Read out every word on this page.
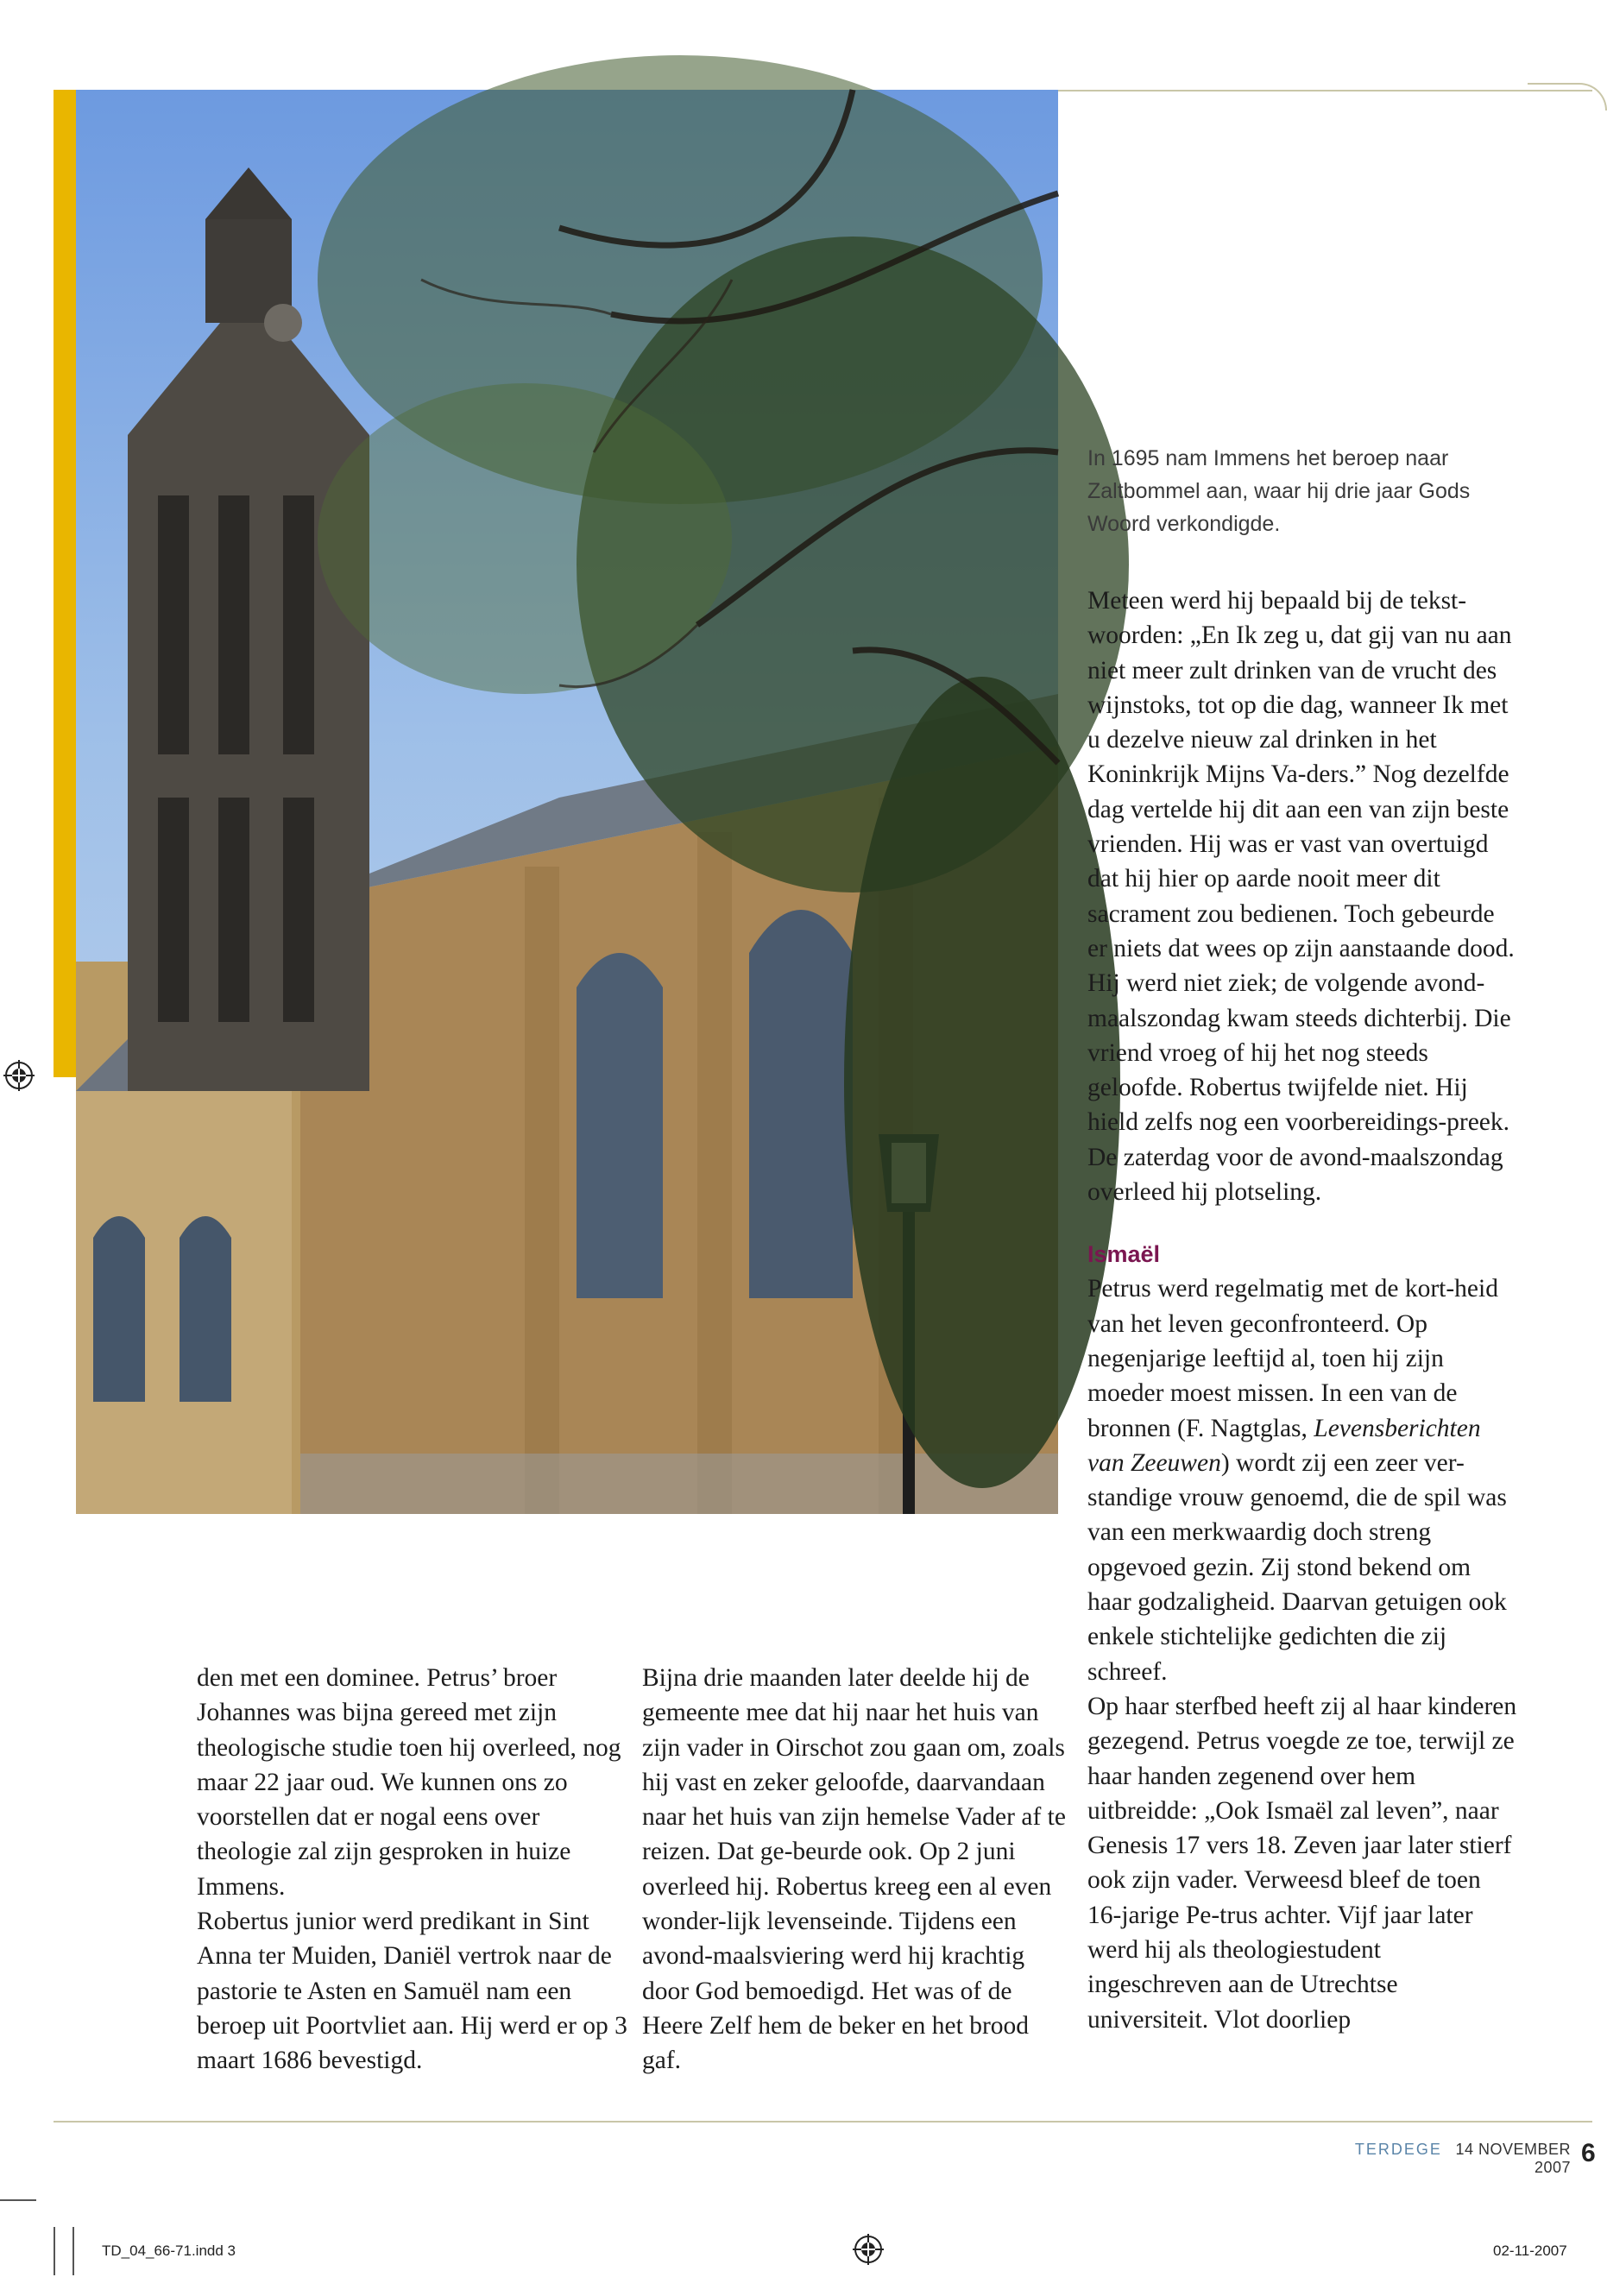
In 1695 nam Immens het beroep naar Zaltbommel aan, waar hij drie jaar Gods Woord verkondigde.

Meteen werd hij bepaald bij de tekst-woorden: „En Ik zeg u, dat gij van nu aan niet meer zult drinken van de vrucht des wijnstoks, tot op die dag, wanneer Ik met u dezelve nieuw zal drinken in het Koninkrijk Mijns Va-ders.” Nog dezelfde dag vertelde hij dit aan een van zijn beste vrienden. Hij was er vast van overtuigd dat hij hier op aarde nooit meer dit sacrament zou bedienen. Toch gebeurde er niets dat wees op zijn aanstaande dood. Hij werd niet ziek; de volgende avond-maalszondag kwam steeds dichterbij. Die vriend vroeg of hij het nog steeds geloofde. Robertus twijfelde niet. Hij hield zelfs nog een voorbereidings-preek. De zaterdag voor de avond-maalszondag overleed hij plotseling.

Ismaël

Petrus werd regelmatig met de kort-heid van het leven geconfronteerd. Op negenjarige leeftijd al, toen hij zijn moeder moest missen. In een van de bronnen (F. Nagtglas, Levensberichten van Zeeuwen) wordt zij een zeer ver-standige vrouw genoemd, die de spil was van een merkwaardig doch streng opgevoed gezin. Zij stond bekend om haar godzaligheid. Daarvan getuigen ook enkele stichtelijke gedichten die zij schreef.

Op haar sterfbed heeft zij al haar kinderen gezegend. Petrus voegde ze toe, terwijl ze haar handen zegenend over hem uitbreidde: „Ook Ismaël zal leven”, naar Genesis 17 vers 18. Zeven jaar later stierf ook zijn vader. Verweesd bleef de toen 16-jarige Pe-trus achter. Vijf jaar later werd hij als theologiestudent ingeschreven aan de Utrechtse universiteit. Vlot doorliep

den met een dominee. Petrus’ broer Johannes was bijna gereed met zijn theologische studie toen hij overleed, nog maar 22 jaar oud. We kunnen ons zo voorstellen dat er nogal eens over theologie zal zijn gesproken in huize Immens.

Robertus junior werd predikant in Sint Anna ter Muiden, Daniël vertrok naar de pastorie te Asten en Samuël nam een beroep uit Poortvliet aan. Hij werd er op 3 maart 1686 bevestigd.

Bijna drie maanden later deelde hij de gemeente mee dat hij naar het huis van zijn vader in Oirschot zou gaan om, zoals hij vast en zeker geloofde, daarvandaan naar het huis van zijn hemelse Vader af te reizen. Dat ge-beurde ook. Op 2 juni overleed hij. Robertus kreeg een al even wonder-lijk levenseinde. Tijdens een avond-maalsviering werd hij krachtig door God bemoedigd. Het was of de Heere Zelf hem de beker en het brood gaf.

TERDEGE 14 NOVEMBER 2007 6
TD_04_66-71.indd 3	02-11-2007
